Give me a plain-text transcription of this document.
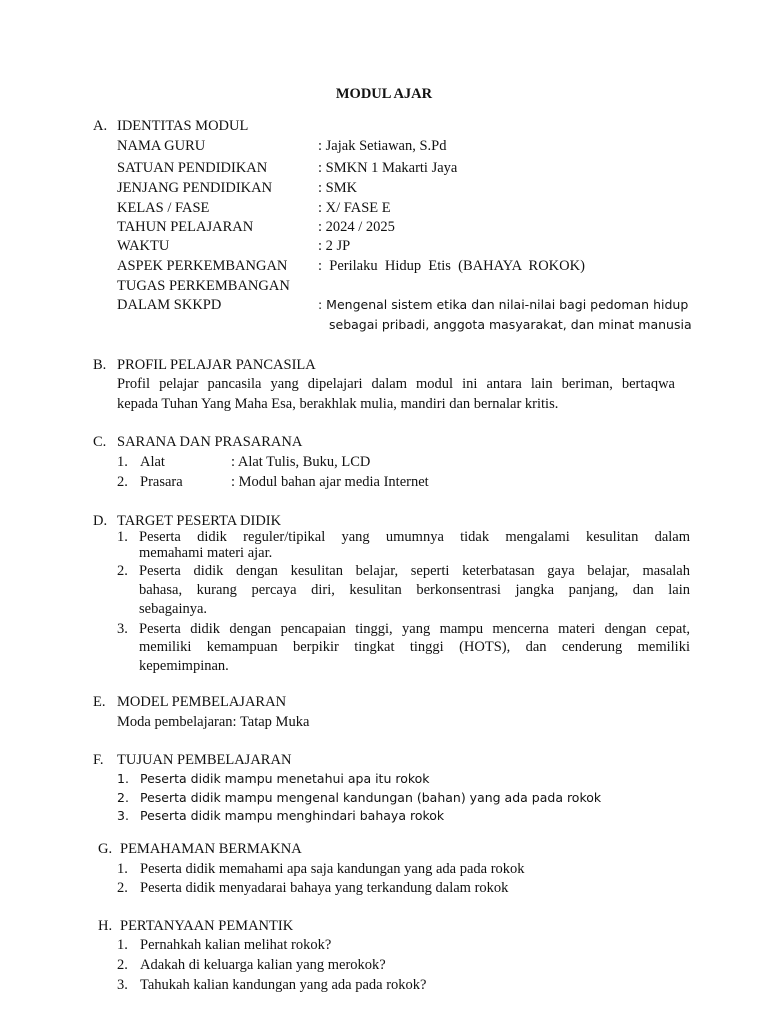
MODUL AJAR
A. IDENTITAS MODUL
NAMA GURU	: Jajak Setiawan, S.Pd
SATUAN PENDIDIKAN	: SMKN 1 Makarti Jaya
JENJANG PENDIDIKAN	: SMK
KELAS / FASE	: X/ FASE E
TAHUN PELAJARAN	: 2024 / 2025
WAKTU	: 2 JP
ASPEK PERKEMBANGAN :  Perilaku  Hidup  Etis  (BAHAYA  ROKOK)
TUGAS PERKEMBANGAN
DALAM SKKPD	: Mengenal sistem etika dan nilai-nilai bagi pedoman hidup
sebagai pribadi, anggota masyarakat, dan minat manusia
B. PROFIL PELAJAR PANCASILA
Profil pelajar pancasila yang dipelajari dalam modul ini antara lain beriman, bertaqwa
kepada Tuhan Yang Maha Esa, berakhlak mulia, mandiri dan bernalar kritis.
C. SARANA DAN PRASARANA
1. Alat	: Alat Tulis, Buku, LCD
2. Prasara	: Modul bahan ajar media Internet
D. TARGET PESERTA DIDIK
1. Peserta didik reguler/tipikal yang umumnya tidak mengalami kesulitan dalam
memahami materi ajar.
2. Peserta didik dengan kesulitan belajar, seperti keterbatasan gaya belajar, masalah
bahasa, kurang percaya diri, kesulitan berkonsentrasi jangka panjang, dan lain
sebagainya.
3. Peserta didik dengan pencapaian tinggi, yang mampu mencerna materi dengan cepat,
memiliki kemampuan berpikir tingkat tinggi (HOTS), dan cenderung memiliki
kepemimpinan.
E. MODEL PEMBELAJARAN
Moda pembelajaran: Tatap Muka
F. TUJUAN PEMBELAJARAN
1. Peserta didik mampu menetahui apa itu rokok
2. Peserta didik mampu mengenal kandungan (bahan) yang ada pada rokok
3. Peserta didik mampu menghindari bahaya rokok
G. PEMAHAMAN BERMAKNA
1. Peserta didik memahami apa saja kandungan yang ada pada rokok
2. Peserta didik menyadarai bahaya yang terkandung dalam rokok
H. PERTANYAAN PEMANTIK
1. Pernahkah kalian melihat rokok?
2. Adakah di keluarga kalian yang merokok?
3. Tahukah kalian kandungan yang ada pada rokok?
